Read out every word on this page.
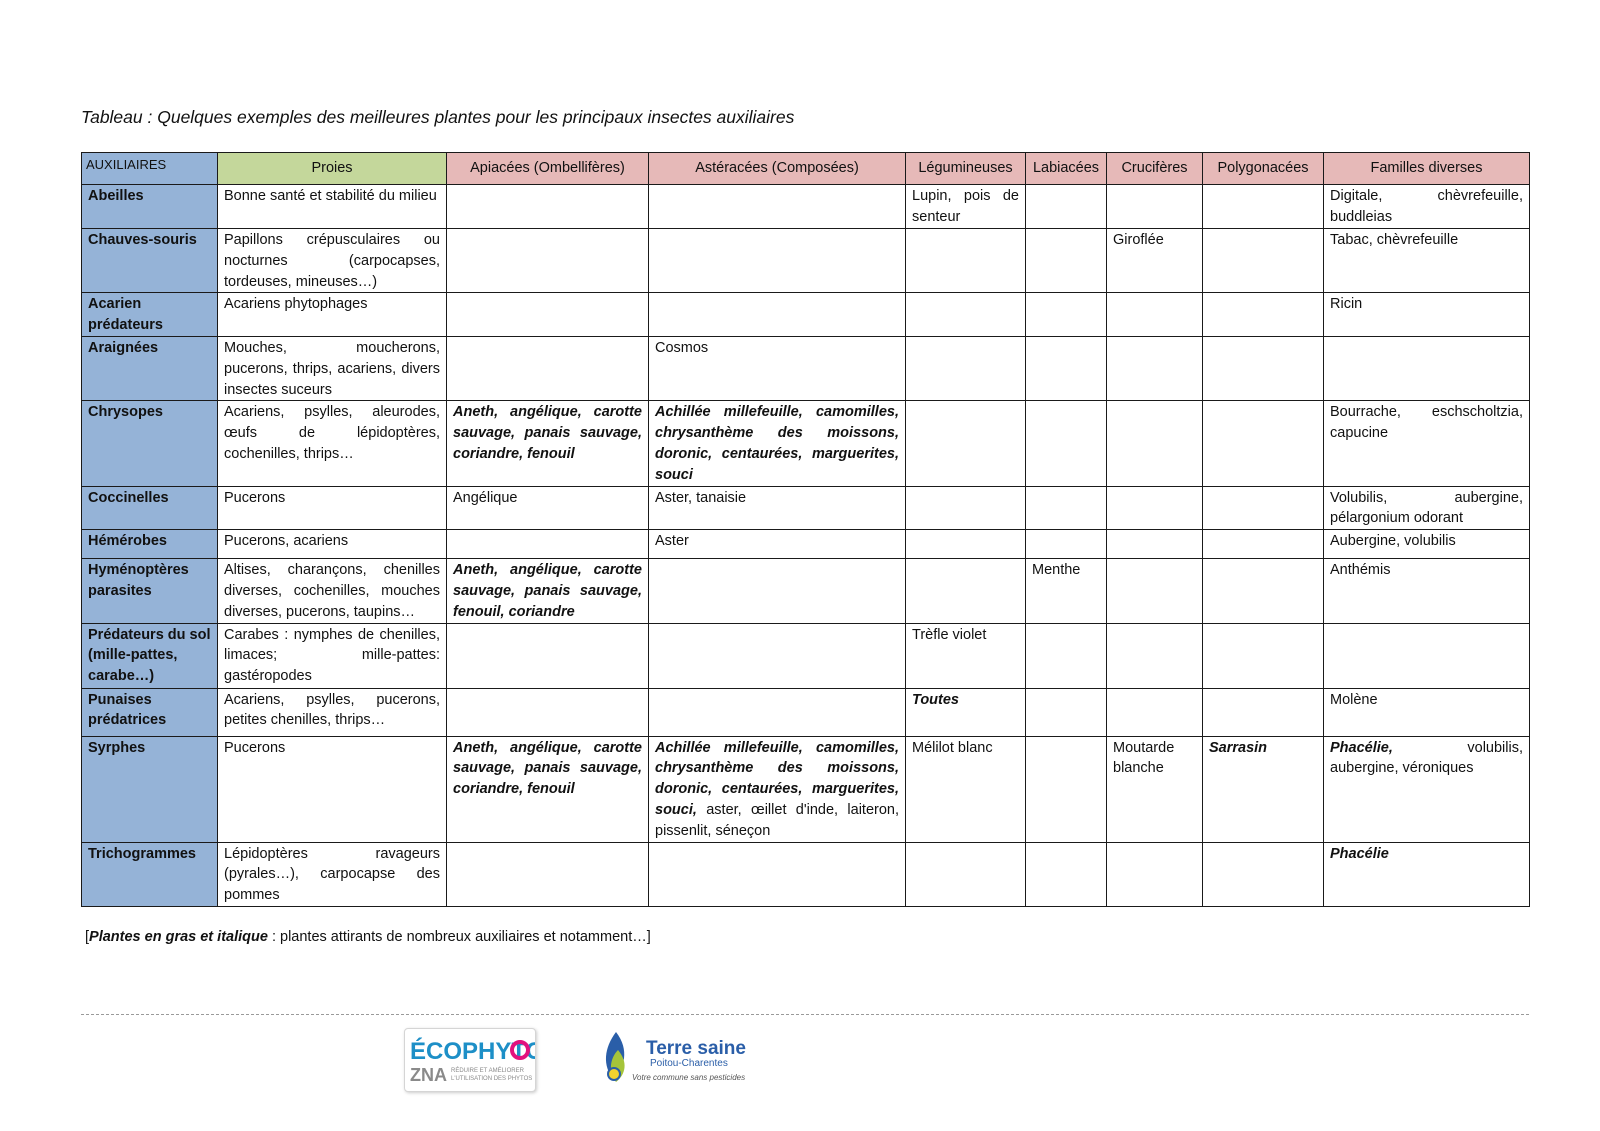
Tableau : Quelques exemples des meilleures plantes pour les principaux insectes auxiliaires
AUXILIAIRES	Proies	Apiacées (Ombellifères)	Astéracées (Composées)	Légumineuses	Labiacées	Crucifères	Polygonacées	Familles diverses
Abeilles	Bonne santé et stabilité du milieu			Lupin, pois de senteur				Digitale, chèvrefeuille, buddleias
Chauves-souris	Papillons crépusculaires ou nocturnes (carpocapses, tordeuses, mineuses…)					Giroflée		Tabac, chèvrefeuille
Acarien prédateurs	Acariens phytophages							Ricin
Araignées	Mouches, moucherons, pucerons, thrips, acariens, divers insectes suceurs		Cosmos					
Chrysopes	Acariens, psylles, aleurodes, œufs de lépidoptères, cochenilles, thrips…	Aneth, angélique, carotte sauvage, panais sauvage, coriandre, fenouil	Achillée millefeuille, camomilles, chrysanthème des moissons, doronic, centaurées, marguerites, souci					Bourrache, eschscholtzia, capucine
Coccinelles	Pucerons	Angélique	Aster, tanaisie					Volubilis, aubergine, pélargonium odorant
Hémérobes	Pucerons, acariens		Aster					Aubergine, volubilis
Hyménoptères parasites	Altises, charançons, chenilles diverses, cochenilles, mouches diverses, pucerons, taupins…	Aneth, angélique, carotte sauvage, panais sauvage, fenouil, coriandre			Menthe			Anthémis
Prédateurs du sol (mille-pattes, carabe…)	Carabes : nymphes de chenilles, limaces; mille-pattes: gastéropodes			Trèfle violet				
Punaises prédatrices	Acariens, psylles, pucerons, petites chenilles, thrips…			Toutes				Molène
Syrphes	Pucerons	Aneth, angélique, carotte sauvage, panais sauvage, coriandre, fenouil	Achillée millefeuille, camomilles, chrysanthème des moissons, doronic, centaurées, marguerites, souci, aster, œillet d'inde, laiteron, pissenlit, séneçon	Mélilot blanc		Moutarde blanche	Sarrasin	Phacélie, volubilis, aubergine, véroniques
Trichogrammes	Lépidoptères ravageurs (pyrales…), carpocapse des pommes							Phacélie
[Plantes en gras et italique : plantes attirants de nombreux auxiliaires et notamment…]
ÉCOPHYTO
ZNA RÉDUIRE ET AMÉLIORER
L'UTILISATION DES PHYTOS
Terre saine
Poitou-Charentes
Votre commune sans pesticides
